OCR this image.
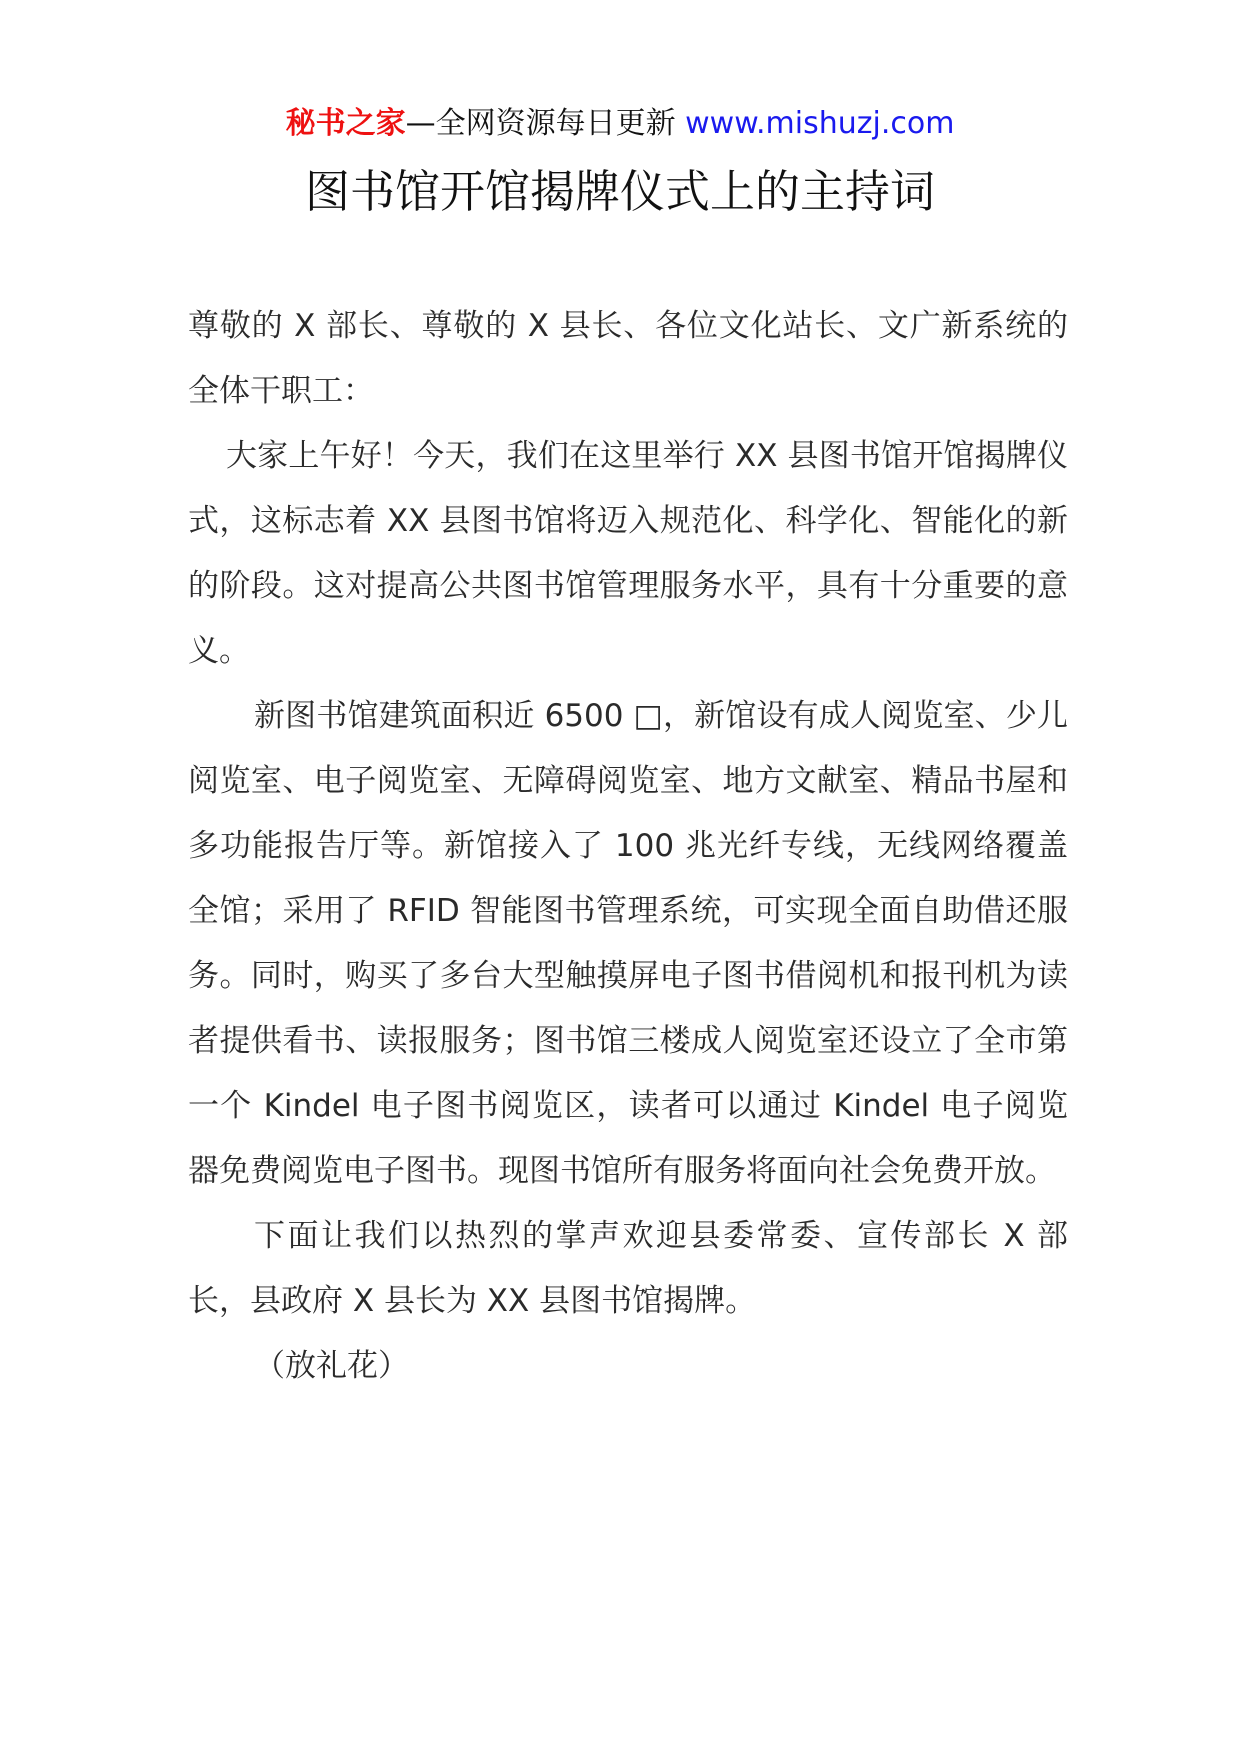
秘书之家—全网资源每日更新 www.mishuzj.com
图书馆开馆揭牌仪式上的主持词

尊敬的 X 部长、尊敬的 X 县长、各位文化站长、文广新系统的全体干职工：

大家上午好！今天，我们在这里举行 XX 县图书馆开馆揭牌仪式，这标志着 XX 县图书馆将迈入规范化、科学化、智能化的新的阶段。这对提高公共图书馆管理服务水平，具有十分重要的意义。

新图书馆建筑面积近 6500 □，新馆设有成人阅览室、少儿阅览室、电子阅览室、无障碍阅览室、地方文献室、精品书屋和多功能报告厅等。新馆接入了 100 兆光纤专线，无线网络覆盖全馆；采用了 RFID 智能图书管理系统，可实现全面自助借还服务。同时，购买了多台大型触摸屏电子图书借阅机和报刊机为读者提供看书、读报服务；图书馆三楼成人阅览室还设立了全市第一个 Kindel 电子图书阅览区，读者可以通过 Kindel 电子阅览器免费阅览电子图书。现图书馆所有服务将面向社会免费开放。

下面让我们以热烈的掌声欢迎县委常委、宣传部长 X 部长，县政府 X 县长为 XX 县图书馆揭牌。

（放礼花）
